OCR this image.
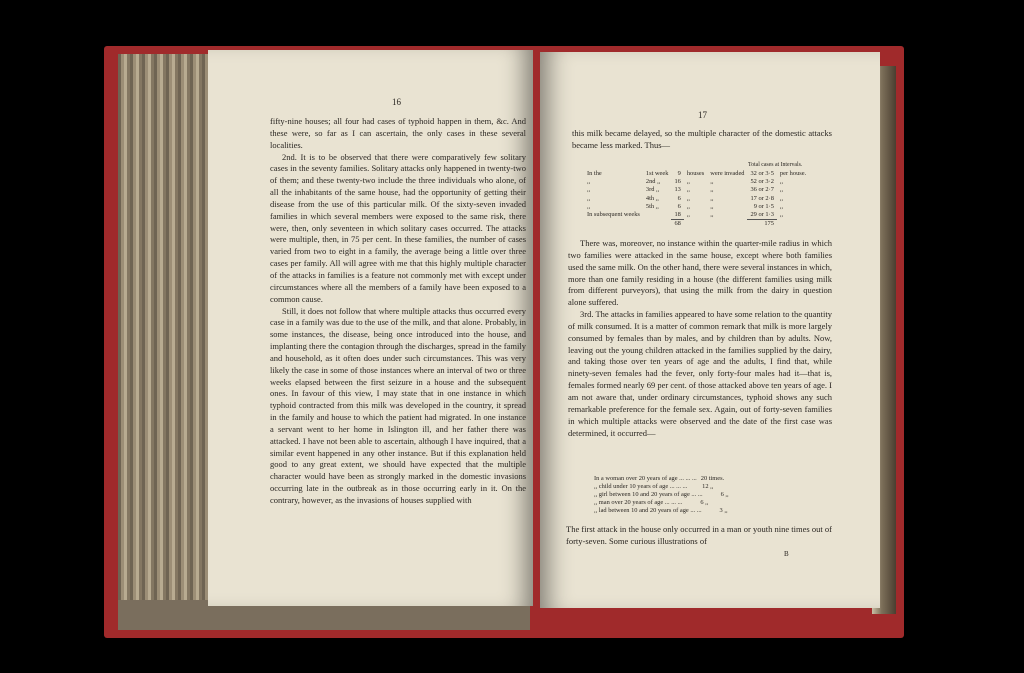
16

fifty-nine houses; all four had cases of typhoid happen in them, &c. And these were, so far as I can ascertain, the only cases in these several localities.

2nd. It is to be observed that there were comparatively few solitary cases in the seventy families. Solitary attacks only happened in twenty-two of them; and these twenty-two include the three individuals who alone, of all the inhabitants of the same house, had the opportunity of getting their disease from the use of this particular milk. Of the sixty-seven invaded families in which several members were exposed to the same risk, there were, then, only seventeen in which solitary cases occurred. The attacks were multiple, then, in 75 per cent. In these families, the number of cases varied from two to eight in a family, the average being a little over three cases per family. All will agree with me that this highly multiple character of the attacks in families is a feature not commonly met with except under circumstances where all the members of a family have been exposed to a common cause.

Still, it does not follow that where multiple attacks thus occurred every case in a family was due to the use of the milk, and that alone. Probably, in some instances, the disease, being once introduced into the house, and implanting there the contagion through the discharges, spread in the family and household, as it often does under such circumstances. This was very likely the case in some of those instances where an interval of two or three weeks elapsed between the first seizure in a house and the subsequent ones. In favour of this view, I may state that in one instance in which typhoid contracted from this milk was developed in the country, it spread in the family and house to which the patient had migrated. In one instance a servant went to her home in Islington ill, and her father there was attacked. I have not been able to ascertain, although I have inquired, that a similar event happened in any other instance. But if this explanation held good to any great extent, we should have expected that the multiple character would have been as strongly marked in the domestic invasions occurring late in the outbreak as in those occurring early in it. On the contrary, however, as the invasions of houses supplied with

17

this milk became delayed, so the multiple character of the domestic attacks became less marked. Thus—

Total cases at Intervals.
In the	1st week	9	houses	were invaded	32 or 3·5	per house.
,,	2nd ,,	16	,,	,,	52 or 3·2	,,
,,	3rd ,,	13	,,	,,	36 or 2·7	,,
,,	4th ,,	6	,,	,,	17 or 2·8	,,
,,	5th ,,	6	,,	,,	9 or 1·5	,,
In subsequent weeks		18	,,	,,	29 or 1·3	,,
		68			175	

There was, moreover, no instance within the quarter-mile radius in which two families were attacked in the same house, except where both families used the same milk. On the other hand, there were several instances in which, more than one family residing in a house (the different families using milk from different purveyors), that using the milk from the dairy in question alone suffered.

3rd. The attacks in families appeared to have some relation to the quantity of milk consumed. It is a matter of common remark that milk is more largely consumed by females than by males, and by children than by adults. Now, leaving out the young children attacked in the families supplied by the dairy, and taking those over ten years of age and the adults, I find that, while ninety-seven females had the fever, only forty-four males had it—that is, females formed nearly 69 per cent. of those attacked above ten years of age. I am not aware that, under ordinary circumstances, typhoid shows any such remarkable preference for the female sex. Again, out of forty-seven families in which multiple attacks were observed and the date of the first case was determined, it occurred—

In a woman over 20 years of age ... ... ... 20 times.
,, child under 10 years of age ... ... ... 12 ,,
,, girl between 10 and 20 years of age ... ...	6 ,,
,, man over 20 years of age ... ... ...	6 ,,
,, lad between 10 and 20 years of age ... ...	3 ,,

The first attack in the house only occurred in a man or youth nine times out of forty-seven. Some curious illustrations of

B
